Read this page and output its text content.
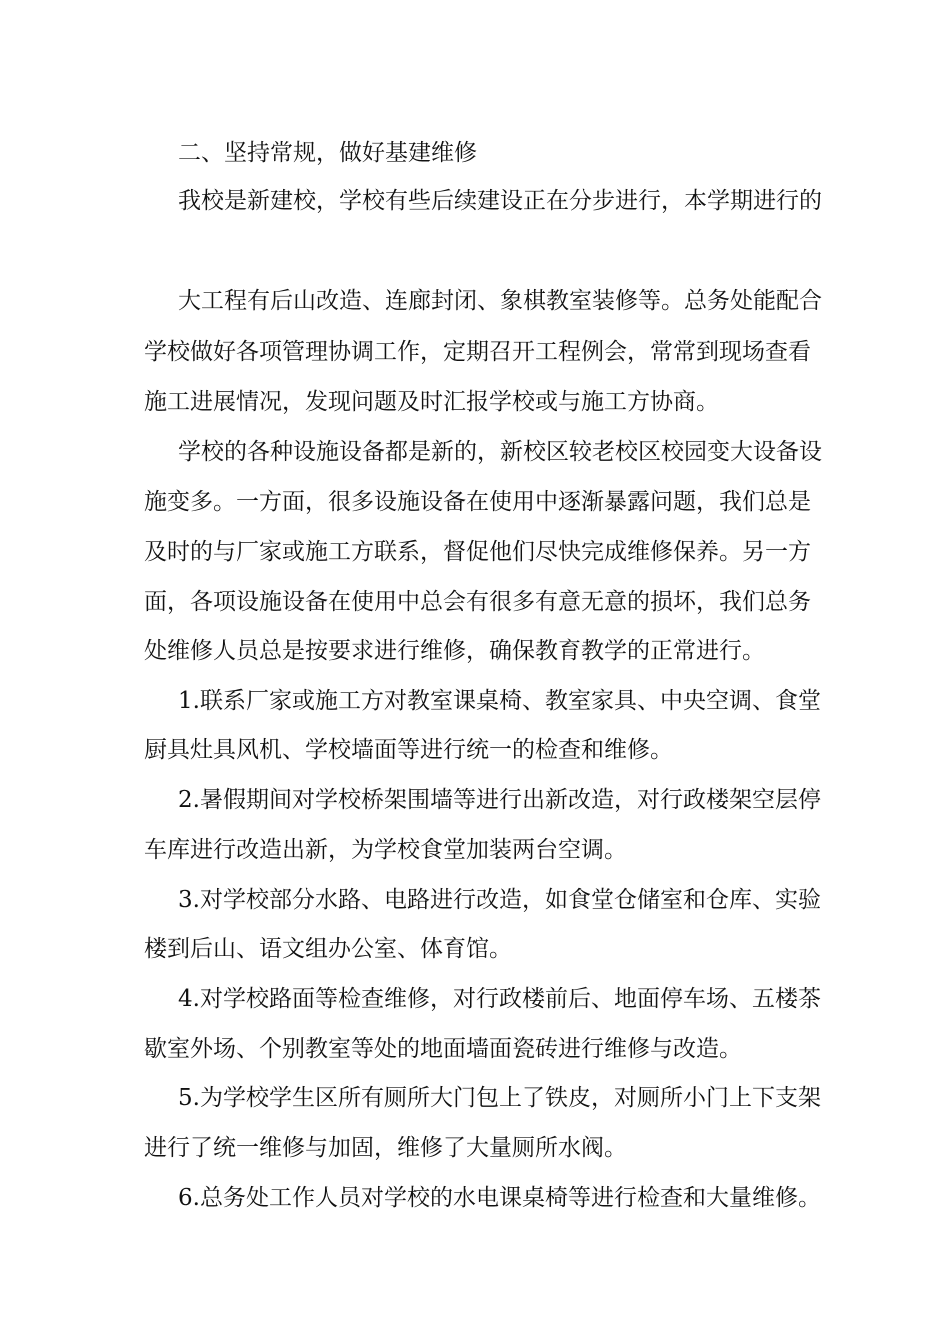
二、坚持常规，做好基建维修
我校是新建校，学校有些后续建设正在分步进行，本学期进行的
大工程有后山改造、连廊封闭、象棋教室装修等。总务处能配合
学校做好各项管理协调工作，定期召开工程例会，常常到现场查看
施工进展情况，发现问题及时汇报学校或与施工方协商。
学校的各种设施设备都是新的，新校区较老校区校园变大设备设
施变多。一方面，很多设施设备在使用中逐渐暴露问题，我们总是
及时的与厂家或施工方联系，督促他们尽快完成维修保养。另一方
面，各项设施设备在使用中总会有很多有意无意的损坏，我们总务
处维修人员总是按要求进行维修，确保教育教学的正常进行。
1.联系厂家或施工方对教室课桌椅、教室家具、中央空调、食堂
厨具灶具风机、学校墙面等进行统一的检查和维修。
2.暑假期间对学校桥架围墙等进行出新改造，对行政楼架空层停
车库进行改造出新，为学校食堂加装两台空调。
3.对学校部分水路、电路进行改造，如食堂仓储室和仓库、实验
楼到后山、语文组办公室、体育馆。
4.对学校路面等检查维修，对行政楼前后、地面停车场、五楼茶
歇室外场、个别教室等处的地面墙面瓷砖进行维修与改造。
5.为学校学生区所有厕所大门包上了铁皮，对厕所小门上下支架
进行了统一维修与加固，维修了大量厕所水阀。
6.总务处工作人员对学校的水电课桌椅等进行检查和大量维修。
